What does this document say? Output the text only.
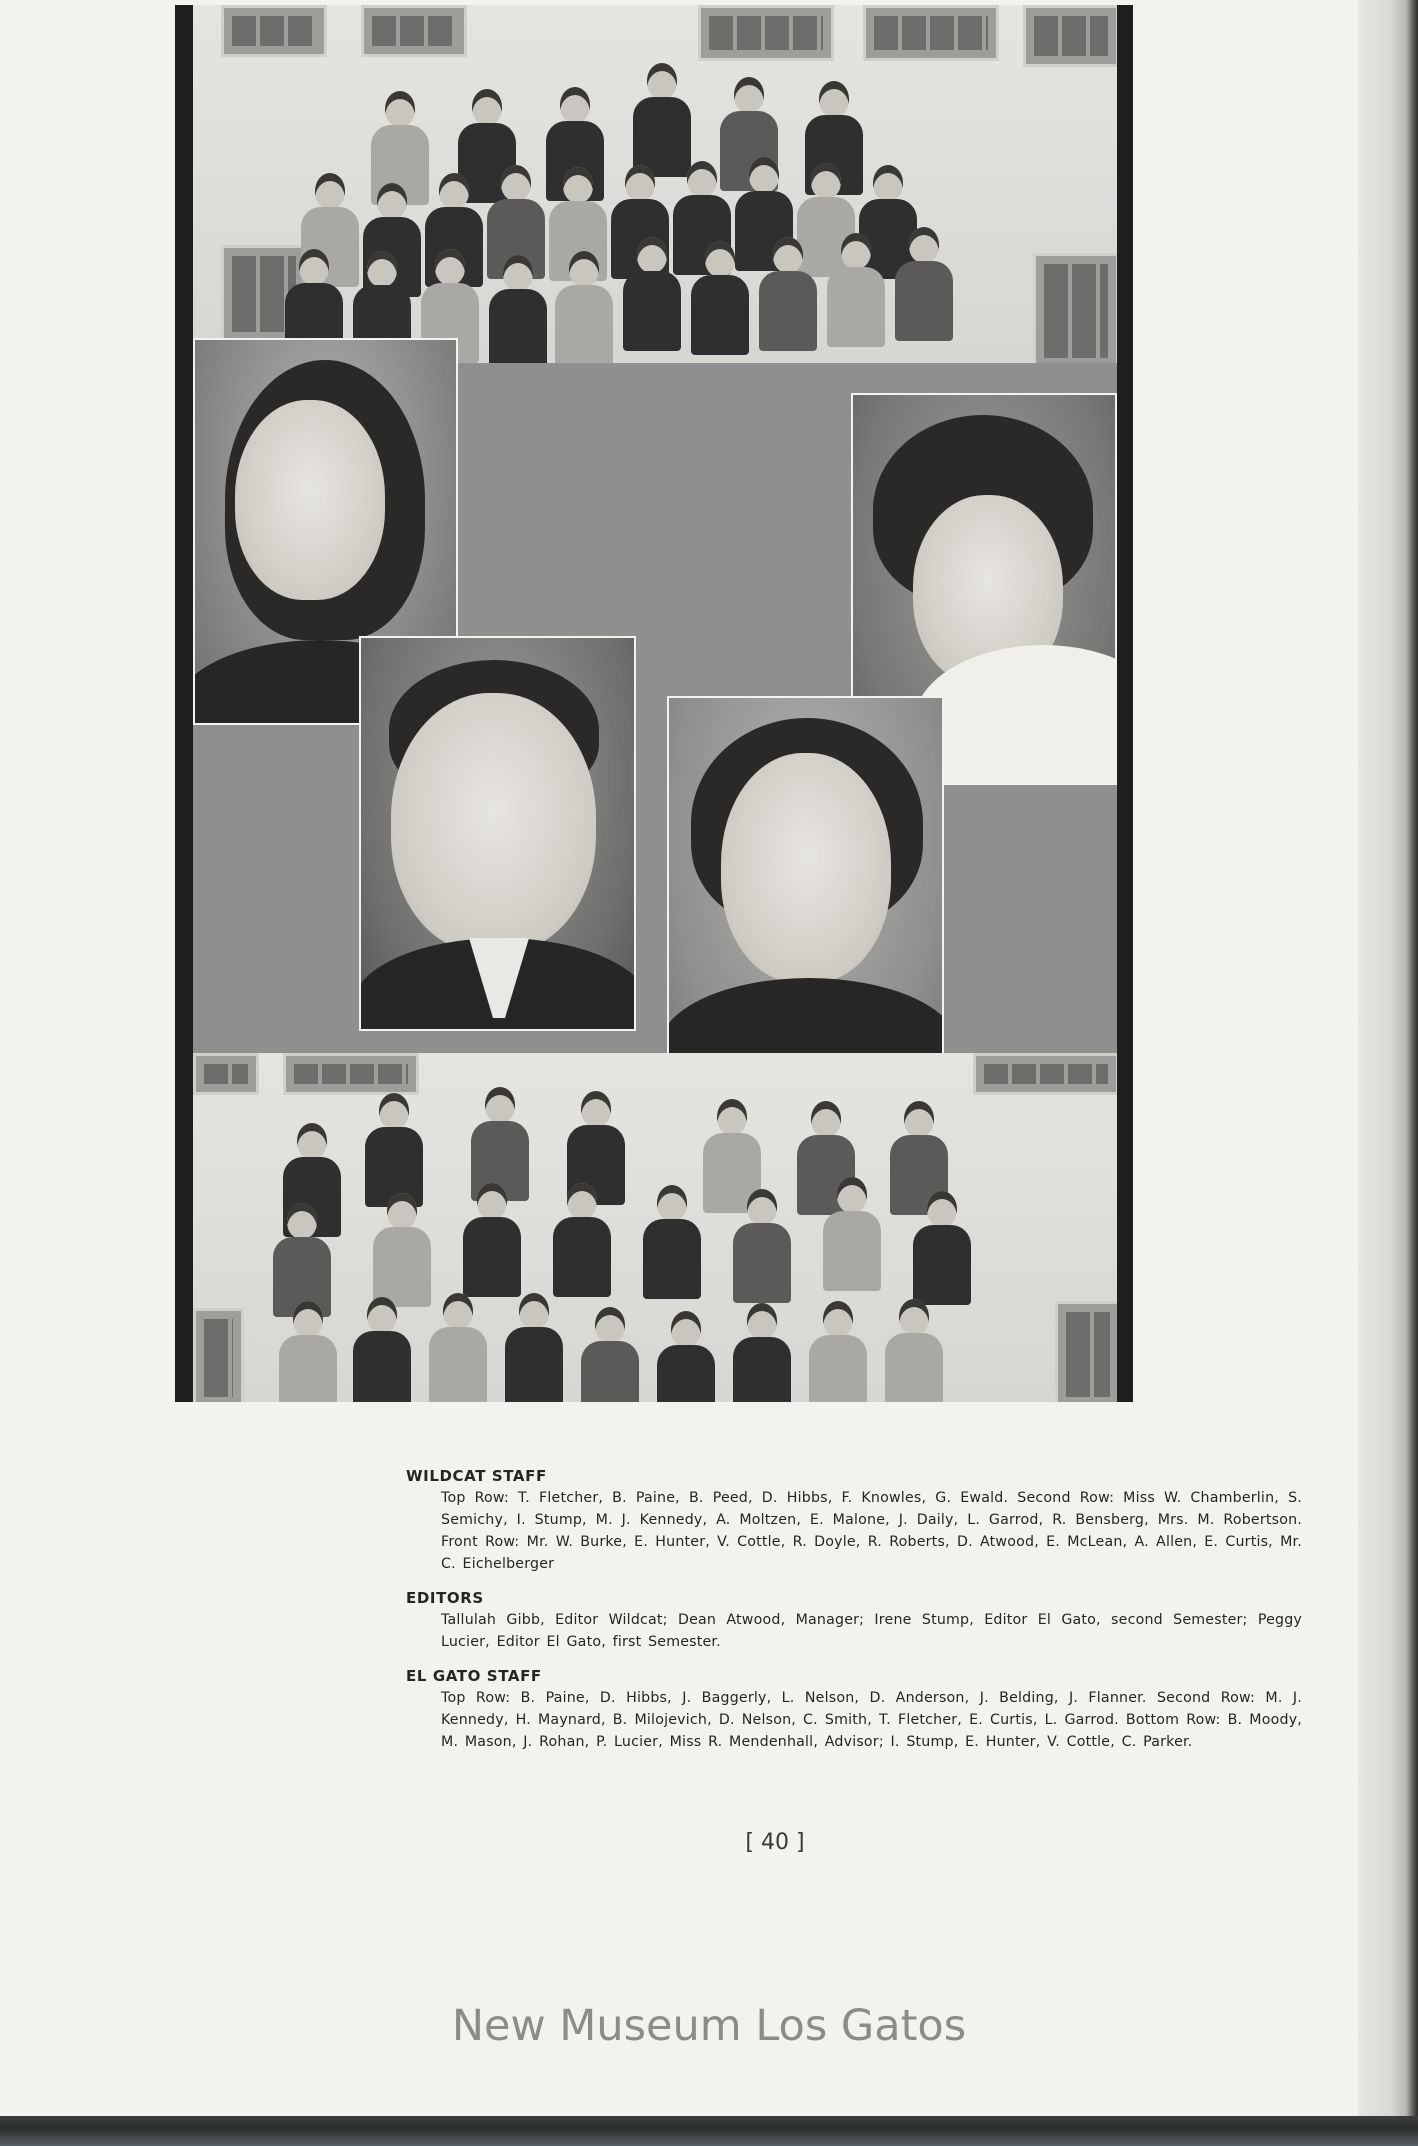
WILDCAT STAFF
Top Row: T. Fletcher, B. Paine, B. Peed, D. Hibbs, F. Knowles, G. Ewald. Second Row: Miss W. Chamberlin, S. Semichy, I. Stump, M. J. Kennedy, A. Moltzen, E. Malone, J. Daily, L. Garrod, R. Bensberg, Mrs. M. Robertson. Front Row: Mr. W. Burke, E. Hunter, V. Cottle, R. Doyle, R. Roberts, D. Atwood, E. McLean, A. Allen, E. Curtis, Mr. C. Eichelberger
EDITORS
Tallulah Gibb, Editor Wildcat; Dean Atwood, Manager; Irene Stump, Editor El Gato, second Semester; Peggy Lucier, Editor El Gato, first Semester.
EL GATO STAFF
Top Row: B. Paine, D. Hibbs, J. Baggerly, L. Nelson, D. Anderson, J. Belding, J. Flanner. Second Row: M. J. Kennedy, H. Maynard, B. Milojevich, D. Nelson, C. Smith, T. Fletcher, E. Curtis, L. Garrod. Bottom Row: B. Moody, M. Mason, J. Rohan, P. Lucier, Miss R. Mendenhall, Advisor; I. Stump, E. Hunter, V. Cottle, C. Parker.
[ 40 ]
New Museum Los Gatos
